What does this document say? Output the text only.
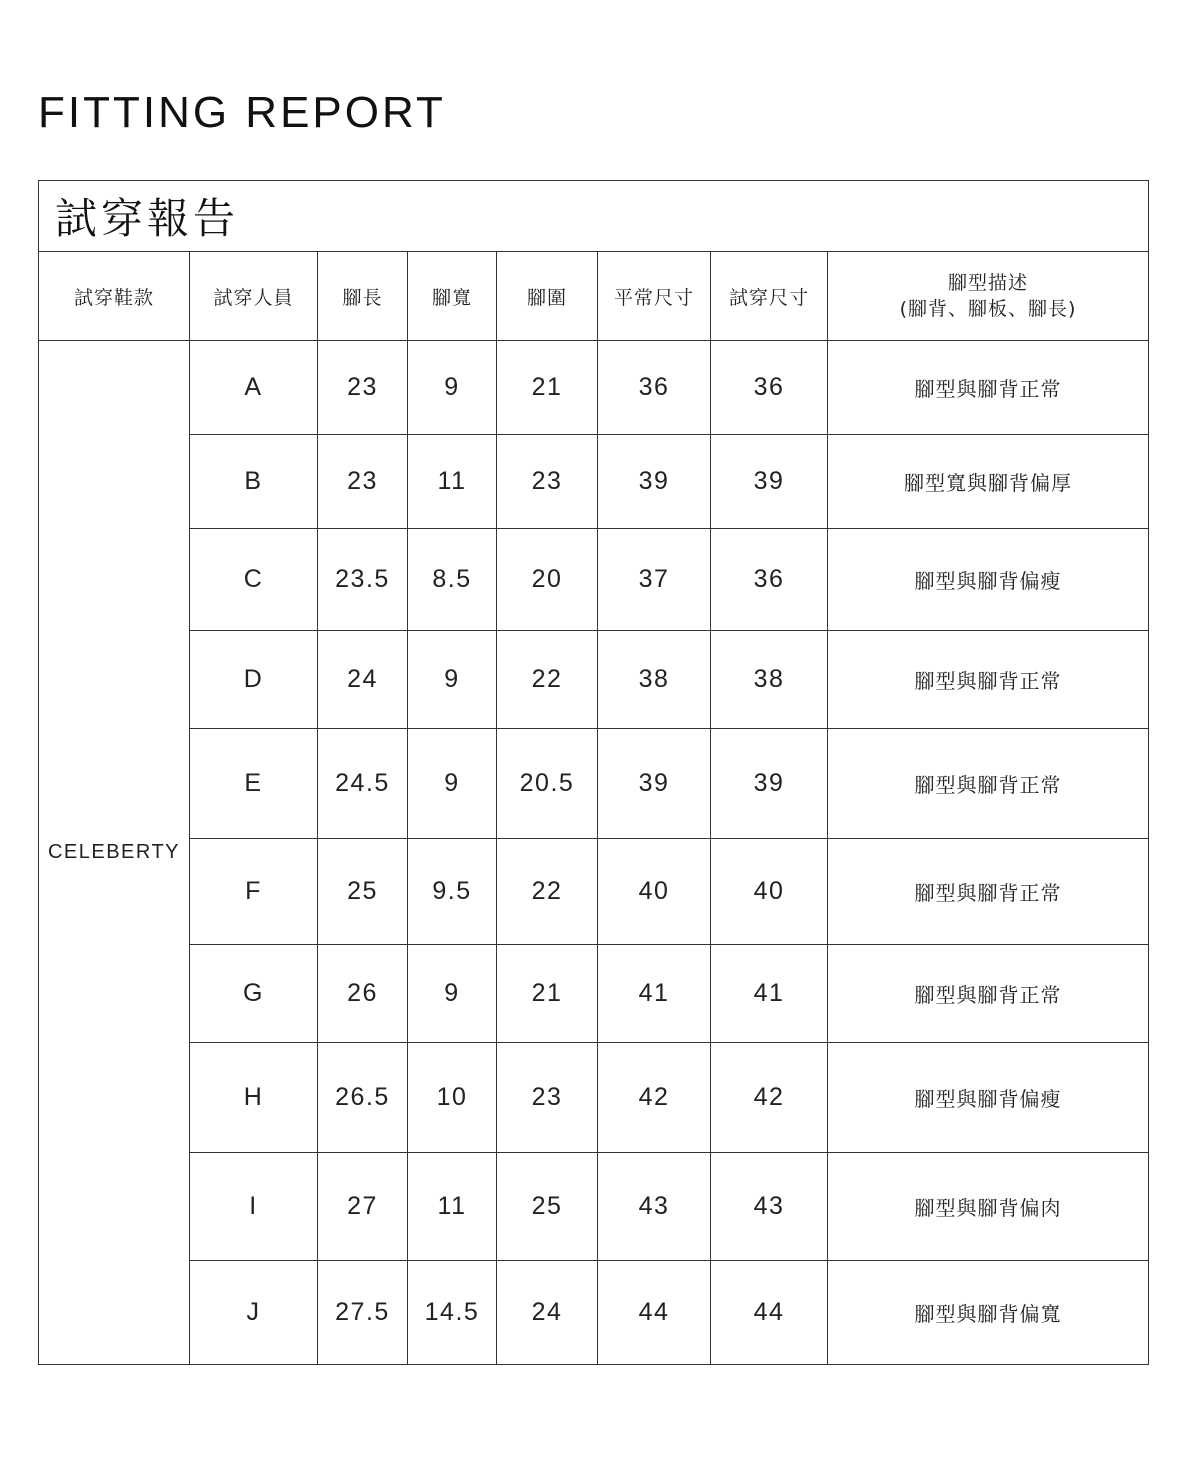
FITTING REPORT
試穿報告							
試穿鞋款	試穿人員	腳長	腳寬	腳圍	平常尺寸	試穿尺寸	腳型描述
(腳背、腳板、腳長)

CELEBERTY	A	23	9	21	36	36	腳型與腳背正常
	B	23	11	23	39	39	腳型寬與腳背偏厚
	C	23.5	8.5	20	37	36	腳型與腳背偏瘦
	D	24	9	22	38	38	腳型與腳背正常
	E	24.5	9	20.5	39	39	腳型與腳背正常
	F	25	9.5	22	40	40	腳型與腳背正常
	G	26	9	21	41	41	腳型與腳背正常
	H	26.5	10	23	42	42	腳型與腳背偏瘦
	I	27	11	25	43	43	腳型與腳背偏肉
	J	27.5	14.5	24	44	44	腳型與腳背偏寬
